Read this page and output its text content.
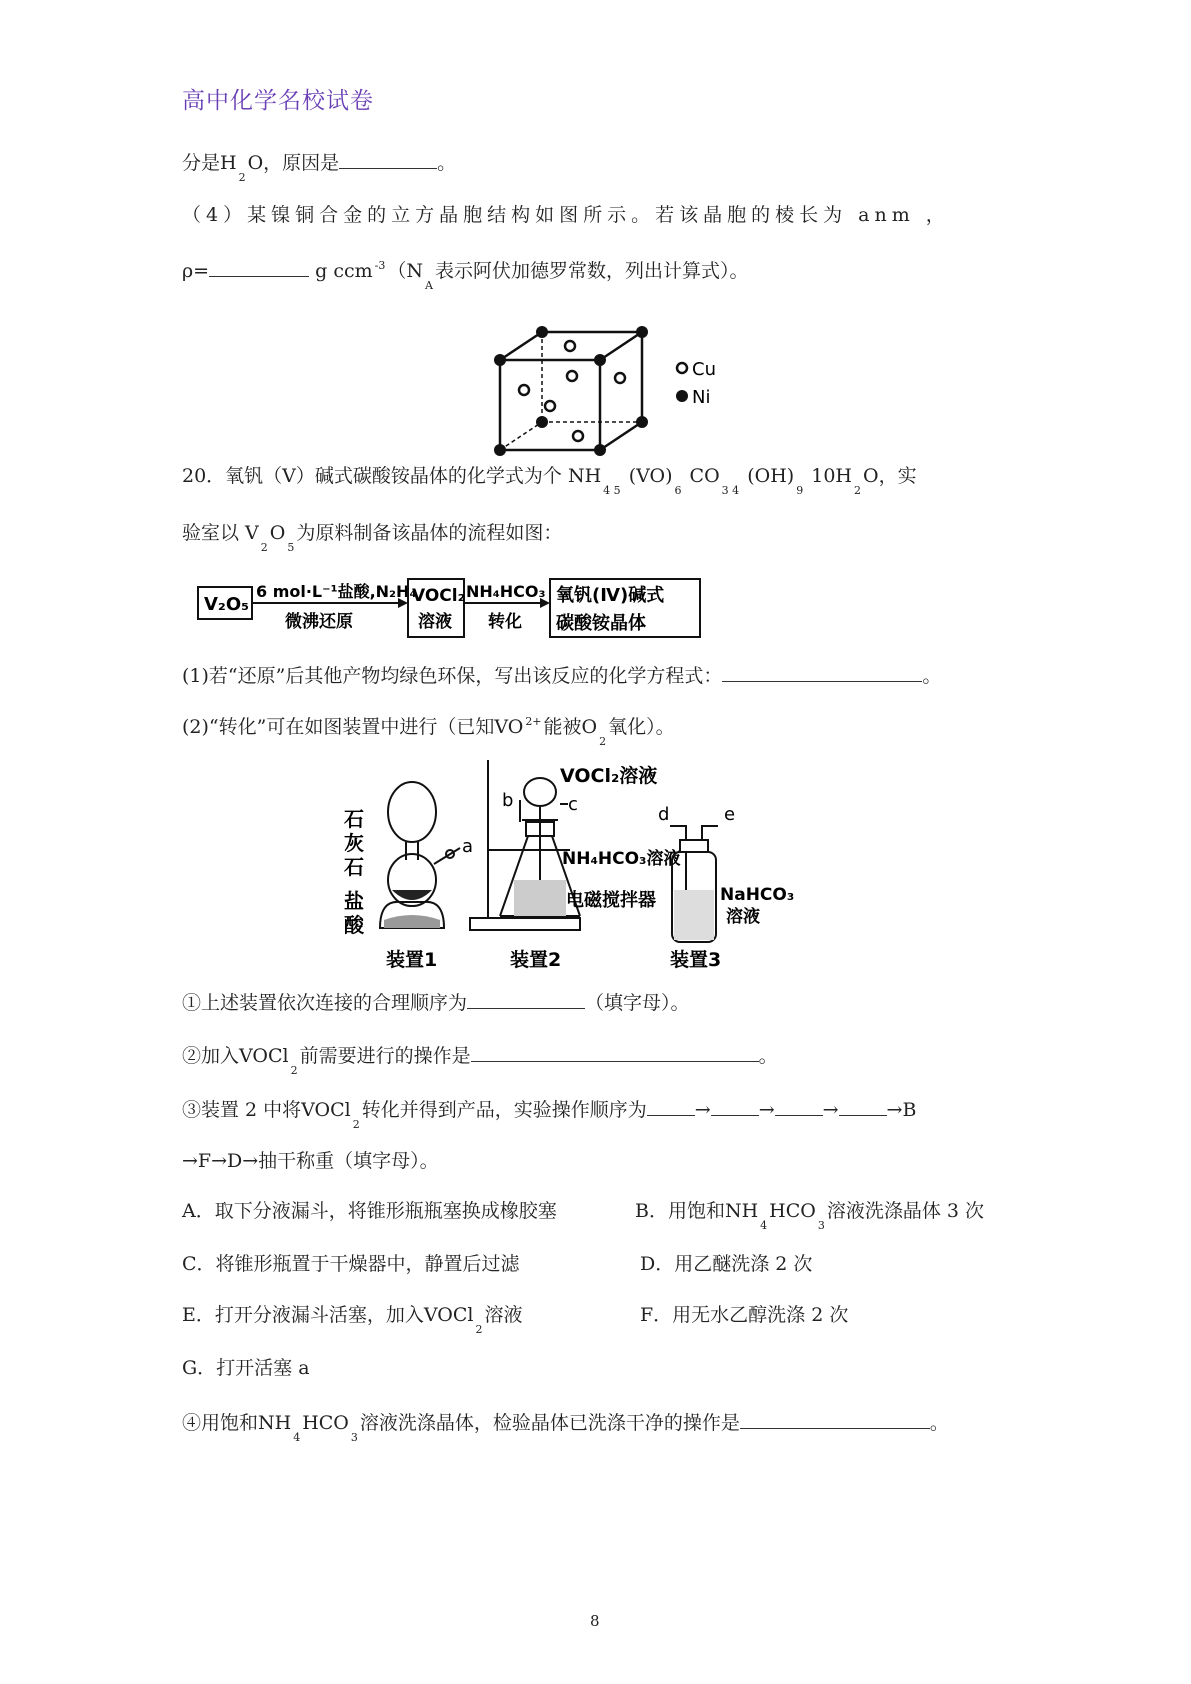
高中化学名校试卷
分是$H_2O$，原因是	。
（4）某镍铜合金的立方晶胞结构如图所示。若该晶胞的棱长为 anm ，
ρ=	g ccm $^{-3}$ （$N_A$表示阿伏加德罗常数，列出计算式）。
Cu
Ni
20．氧钒（V）碱式碳酸铵晶体的化学式为个 $NH_{4 5}$ $(VO)_6$ $CO_{3 4}$ $(OH)_9$ $10H_2O$，实
验室以 $V_2O_5$为原料制备该晶体的流程如图：
V₂O₅
6 mol·L⁻¹盐酸,N₂H₄
微沸还原
VOCl₂
溶液
NH₄HCO₃
转化
氧钒(Ⅳ)碱式
碳酸铵晶体
(1)若“还原”后其他产物均绿色环保，写出该反应的化学方程式：	。
(2)“转化”可在如图装置中进行（已知VO $^{2+}$ 能被$O_2$氧化）。
石
灰
石
盐
酸
a
装置1
VOCl₂溶液
b	c
NH₄HCO₃溶液
电磁搅拌器
装置2
d	e
NaHCO₃
溶液
装置3
①上述装置依次连接的合理顺序为	（填字母）。
②加入VOCl$_2$前需要进行的操作是	。
③装置 2 中将VOCl$_2$转化并得到产品，实验操作顺序为	→	→	→	→B
→F→D→抽干称重（填字母）。
A．取下分液漏斗，将锥形瓶瓶塞换成橡胶塞	B．用饱和$NH_4HCO_3$溶液洗涤晶体 3 次
C．将锥形瓶置于干燥器中，静置后过滤	D．用乙醚洗涤 2 次
E．打开分液漏斗活塞，加入VOCl$_2$溶液	F．用无水乙醇洗涤 2 次
G．打开活塞 a
④用饱和$NH_4HCO_3$溶液洗涤晶体，检验晶体已洗涤干净的操作是	。
8
